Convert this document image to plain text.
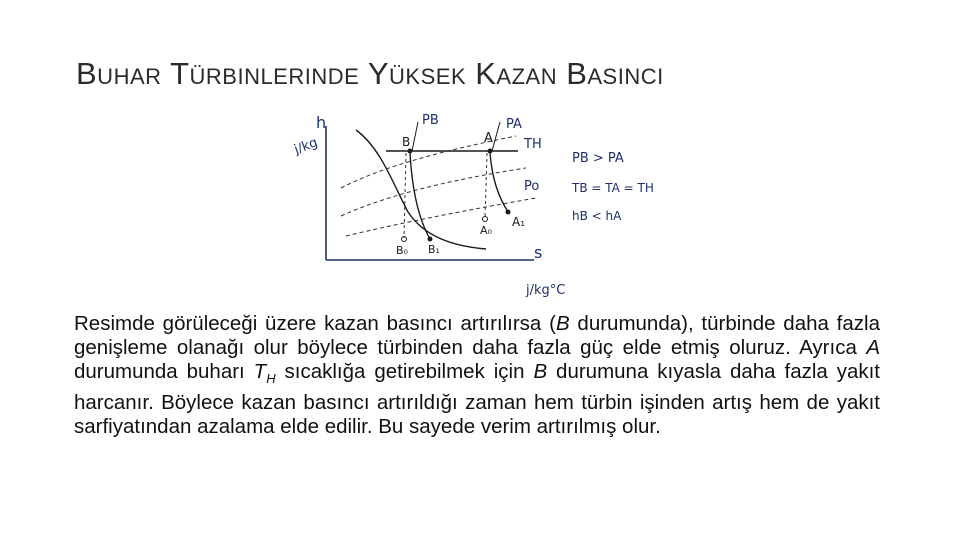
Buhar Türbinlerinde Yüksek Kazan Basıncı
h
j/kg
s
j/kg°C
PB	PA
TH
Po
B	A
A₁
A₀
B₀ B₁
PB > PA
TB = TA = TH
hB < hA
Resimde görüleceği üzere kazan basıncı artırılırsa (B durumunda), türbinde daha fazla genişleme olanağı olur böylece türbinden daha fazla güç elde etmiş oluruz. Ayrıca A durumunda buharı $T_H$ sıcaklığa getirebilmek için B durumuna kıyasla daha fazla yakıt harcanır. Böylece kazan basıncı artırıldığı zaman hem türbin işinden artış hem de yakıt sarfiyatından azalama elde edilir. Bu sayede verim artırılmış olur.
